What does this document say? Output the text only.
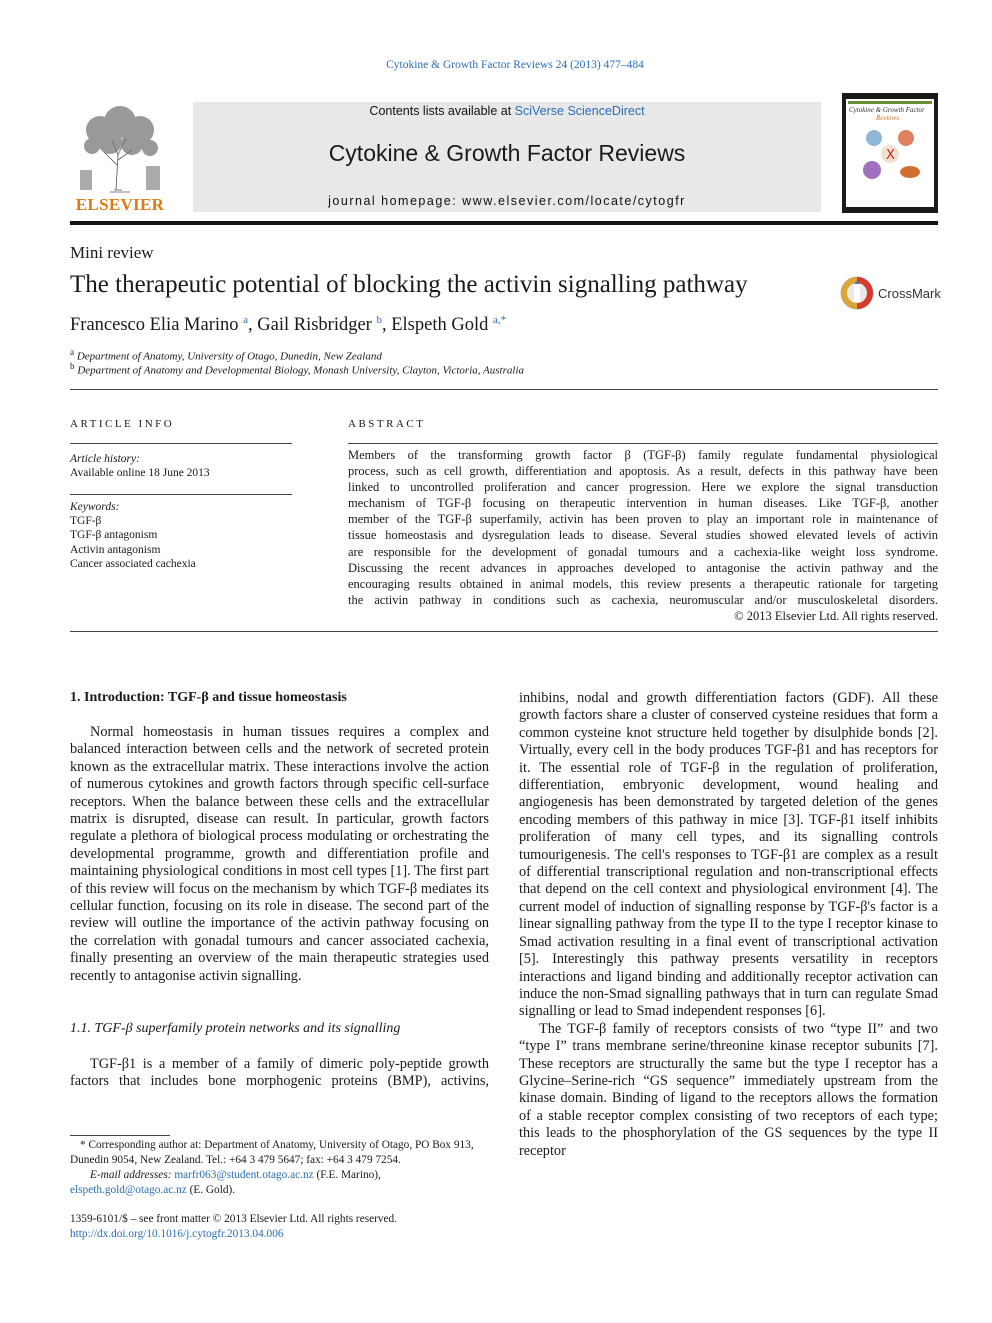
Cytokine & Growth Factor Reviews 24 (2013) 477–484
ELSEVIER
Contents lists available at SciVerse ScienceDirect
Cytokine & Growth Factor Reviews
journal homepage: www.elsevier.com/locate/cytogfr
Cytokine & Growth Factor
Reviews
X
Mini review
The therapeutic potential of blocking the activin signalling pathway	CrossMark
Francesco Elia Marino $^a$, Gail Risbridger $^b$, Elspeth Gold $^{a,*}$
$^a$ Department of Anatomy, University of Otago, Dunedin, New Zealand
$^b$ Department of Anatomy and Developmental Biology, Monash University, Clayton, Victoria, Australia
ARTICLE INFO
Article history:
Available online 18 June 2013
Keywords:
TGF-β
TGF-β antagonism
Activin antagonism
Cancer associated cachexia
ABSTRACT

Members of the transforming growth factor β (TGF-β) family regulate fundamental physiological

process, such as cell growth, differentiation and apoptosis. As a result, defects in this pathway have been

linked to uncontrolled proliferation and cancer progression. Here we explore the signal transduction

mechanism of TGF-β focusing on therapeutic intervention in human diseases. Like TGF-β, another

member of the TGF-β superfamily, activin has been proven to play an important role in maintenance of

tissue homeostasis and dysregulation leads to disease. Several studies showed elevated levels of activin

are responsible for the development of gonadal tumours and a cachexia-like weight loss syndrome.

Discussing the recent advances in approaches developed to antagonise the activin pathway and the

encouraging results obtained in animal models, this review presents a therapeutic rationale for targeting

the activin pathway in conditions such as cachexia, neuromuscular and/or musculoskeletal disorders.

© 2013 Elsevier Ltd. All rights reserved.

1. Introduction: TGF-β and tissue homeostasis

Normal homeostasis in human tissues requires a complex and balanced interaction between cells and the network of secreted protein known as the extracellular matrix. These interactions involve the action of numerous cytokines and growth factors through specific cell-surface receptors. When the balance between these cells and the extracellular matrix is disrupted, disease can result. In particular, growth factors regulate a plethora of biological process modulating or orchestrating the developmental programme, growth and differentiation profile and maintaining physiological conditions in most cell types [1]. The first part of this review will focus on the mechanism by which TGF-β mediates its cellular function, focusing on its role in disease. The second part of the review will outline the importance of the activin pathway focusing on the correlation with gonadal tumours and cancer associated cachexia, finally presenting an overview of the main therapeutic strategies used recently to antagonise activin signalling.

1.1. TGF-β superfamily protein networks and its signalling

TGF-β1 is a member of a family of dimeric poly-peptide growth factors that includes bone morphogenic proteins (BMP), activins,

* Corresponding author at: Department of Anatomy, University of Otago, PO Box 913, Dunedin 9054, New Zealand. Tel.: +64 3 479 5647; fax: +64 3 479 7254.
E-mail addresses: marfr063@student.otago.ac.nz (F.E. Marino),
elspeth.gold@otago.ac.nz (E. Gold).
1359-6101/$ – see front matter © 2013 Elsevier Ltd. All rights reserved.
http://dx.doi.org/10.1016/j.cytogfr.2013.04.006

inhibins, nodal and growth differentiation factors (GDF). All these growth factors share a cluster of conserved cysteine residues that form a common cysteine knot structure held together by disulphide bonds [2]. Virtually, every cell in the body produces TGF-β1 and has receptors for it. The essential role of TGF-β in the regulation of proliferation, differentiation, embryonic development, wound healing and angiogenesis has been demonstrated by targeted deletion of the genes encoding members of this pathway in mice [3]. TGF-β1 itself inhibits proliferation of many cell types, and its signalling controls tumourigenesis. The cell's responses to TGF-β1 are complex as a result of differential transcriptional regulation and non-transcriptional effects that depend on the cell context and physiological environment [4]. The current model of induction of signalling response by TGF-β's factor is a linear signalling pathway from the type II to the type I receptor kinase to Smad activation resulting in a final event of transcriptional activation [5]. Interestingly this pathway presents versatility in receptors interactions and ligand binding and additionally receptor activation can induce the non-Smad signalling pathways that in turn can regulate Smad signalling or lead to Smad independent responses [6].

The TGF-β family of receptors consists of two “type II” and two “type I” trans membrane serine/threonine kinase receptor subunits [7]. These receptors are structurally the same but the type I receptor has a Glycine–Serine-rich “GS sequence” immediately upstream from the kinase domain. Binding of ligand to the receptors allows the formation of a stable receptor complex consisting of two receptors of each type; this leads to the phosphorylation of the GS sequences by the type II receptor
